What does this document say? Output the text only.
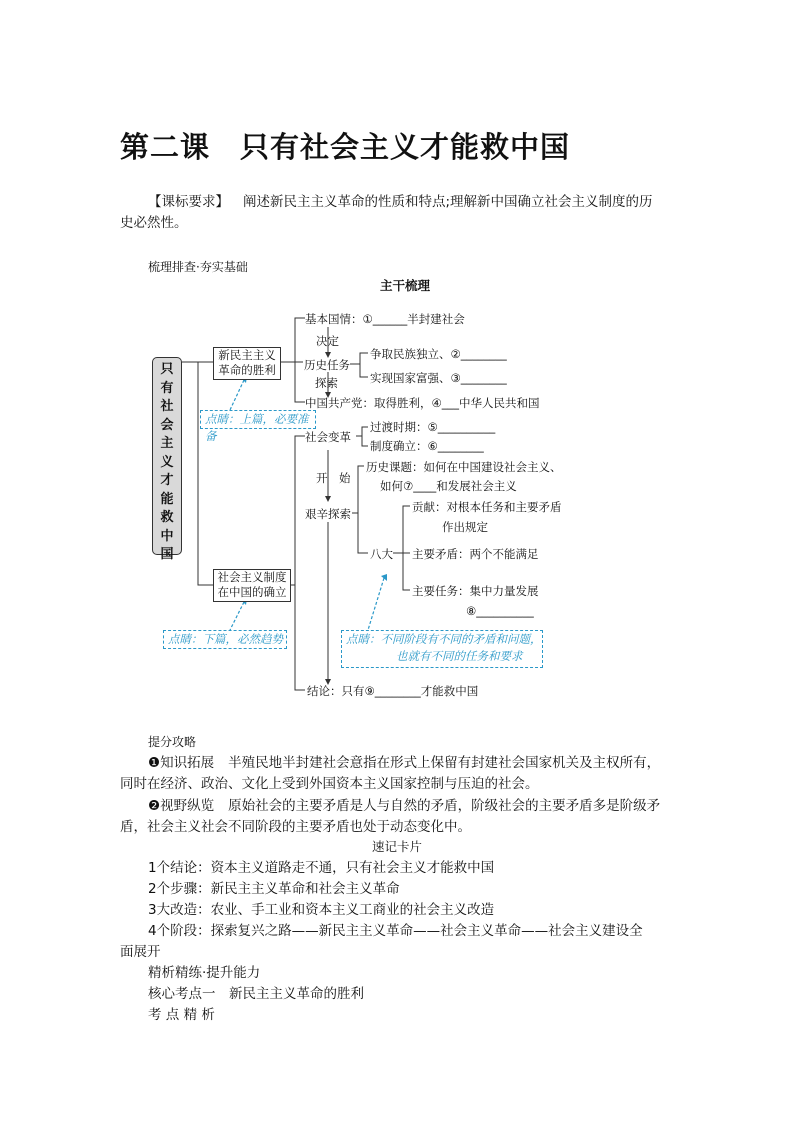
第二课　只有社会主义才能救中国
【课标要求】 阐述新民主主义革命的性质和特点;理解新中国确立社会主义制度的历
史必然性。
梳理排查·夯实基础
主干梳理
只有社会主义才能救中国
新民主主义革命的胜利
社会主义制度在中国的确立
基本国情：①______半封建社会
决定
历史任务
争取民族独立、②________
实现国家富强、③________
探索
中国共产党：取得胜利，④___中华人民共和国
社会变革
过渡时期：⑤__________
制度确立：⑥________
开　始
艰辛探索
历史课题：如何在中国建设社会主义、
如何⑦____和发展社会主义
八大
贡献：对根本任务和主要矛盾
作出规定
主要矛盾：两个不能满足
主要任务：集中力量发展
⑧__________
结论：只有⑨________才能救中国
点睛：上篇，必要准备
点睛：下篇，必然趋势	点睛：不同阶段有不同的矛盾和问题，
也就有不同的任务和要求
提分攻略
❶知识拓展 半殖民地半封建社会意指在形式上保留有封建社会国家机关及主权所有，
同时在经济、政治、文化上受到外国资本主义国家控制与压迫的社会。
❷视野纵览 原始社会的主要矛盾是人与自然的矛盾，阶级社会的主要矛盾多是阶级矛
盾，社会主义社会不同阶段的主要矛盾也处于动态变化中。
速记卡片
1个结论：资本主义道路走不通，只有社会主义才能救中国
2个步骤：新民主主义革命和社会主义革命
3大改造：农业、手工业和资本主义工商业的社会主义改造
4个阶段：探索复兴之路——新民主主义革命——社会主义革命——社会主义建设全
面展开
精析精练·提升能力
核心考点一　新民主主义革命的胜利
考 点 精 析
